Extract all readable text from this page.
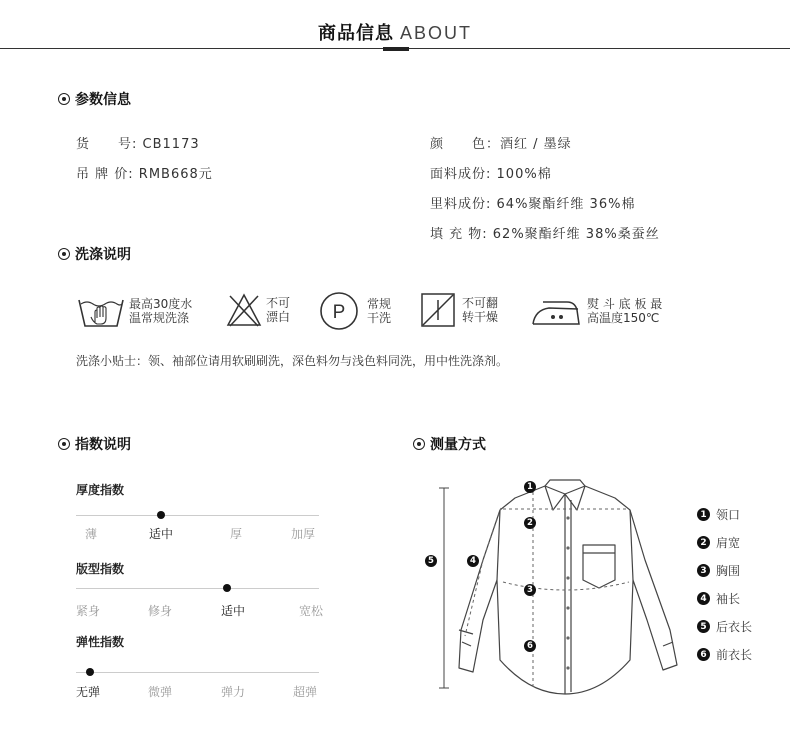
商品信息 ABOUT
参数信息
货　　号: CB1173
吊 牌 价: RMB668元
颜　　色：酒红 / 墨绿
面料成份: 100%棉
里料成份: 64%聚酯纤维 36%棉
填 充 物: 62%聚酯纤维 38%桑蚕丝
洗涤说明
最高30度水
温常规洗涤
不可
漂白 P 常规
干洗
不可翻
转干燥
熨 斗 底 板 最
高温度150℃
洗涤小贴士：领、袖部位请用软刷刷洗，深色料勿与浅色料同洗，用中性洗涤剂。
指数说明
厚度指数
薄	适中	厚	加厚
版型指数
紧身	修身	适中	宽松
弹性指数
无弹	微弹	弹力	超弹
测量方式
1
2
3
4
5
6
1 领口
2 肩宽
3 胸围
4 袖长
5 后衣长
6 前衣长
